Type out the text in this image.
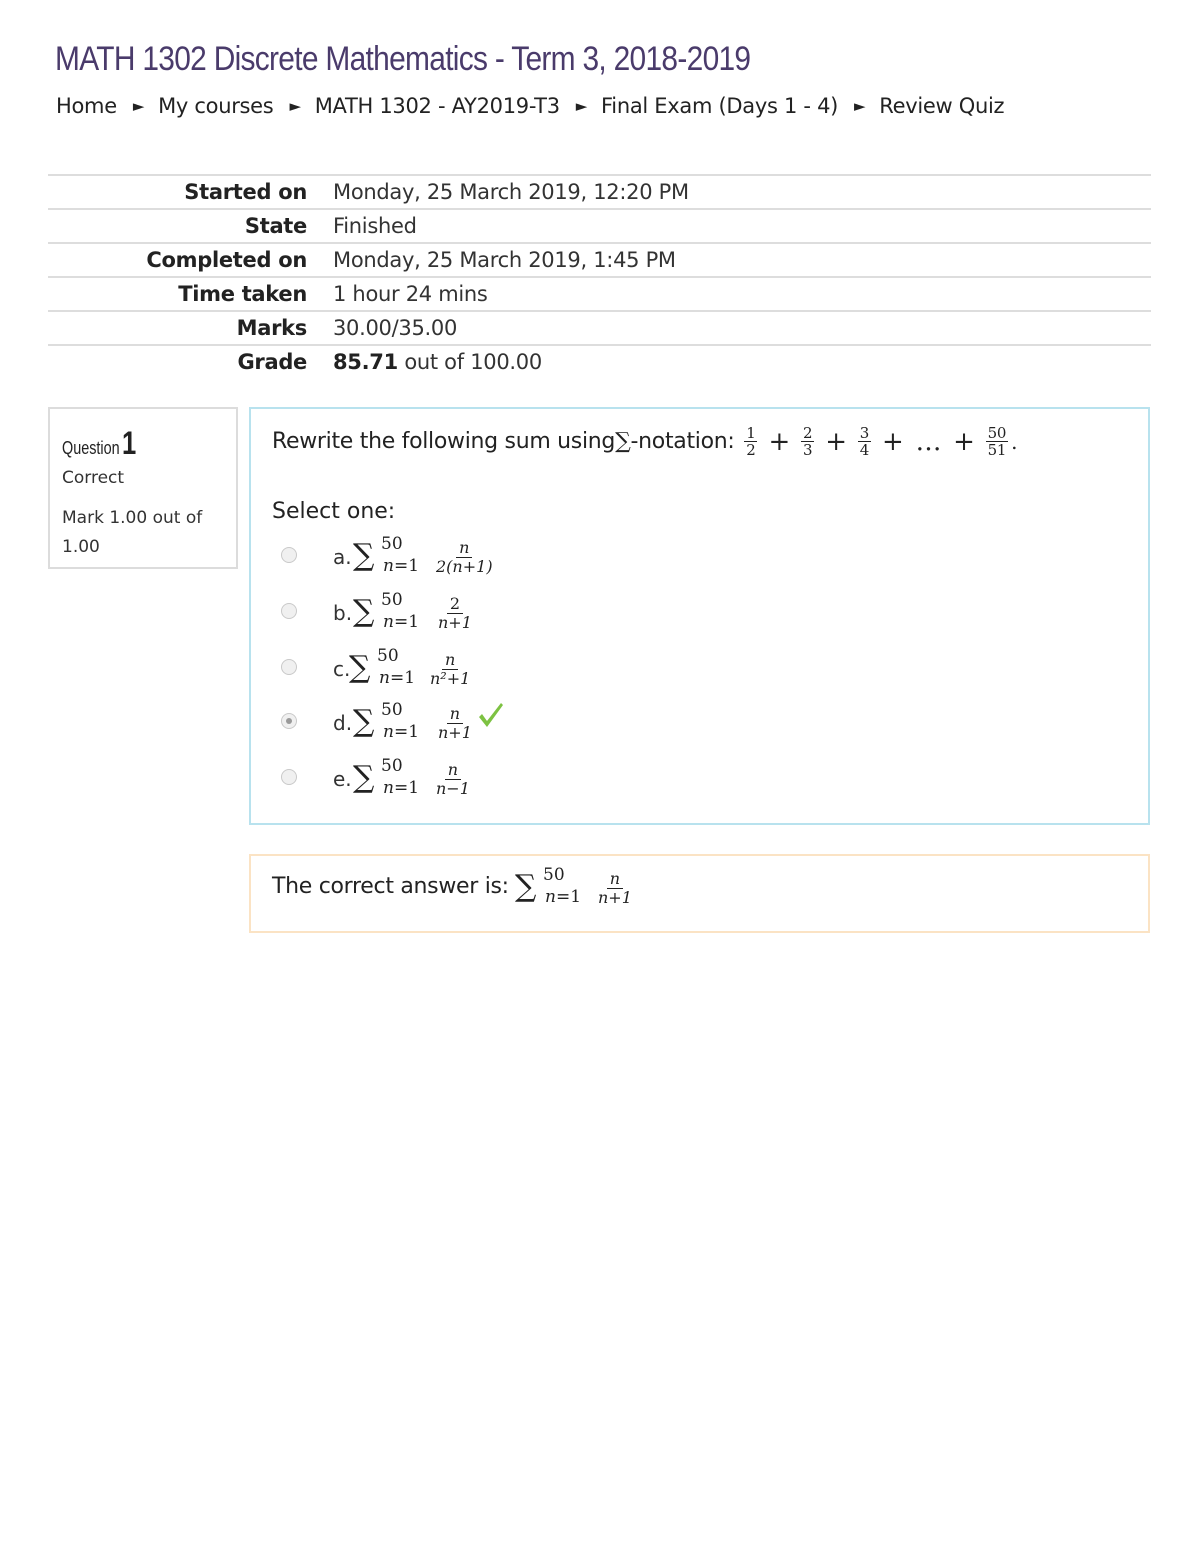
MATH 1302 Discrete Mathematics - Term 3, 2018-2019
Home ► My courses ► MATH 1302 - AY2019-T3 ► Final Exam (Days 1 - 4) ► Review Quiz
Started on	Monday, 25 March 2019, 12:20 PM
State	Finished
Completed on	Monday, 25 March 2019, 1:45 PM
Time taken	1 hour 24 mins
Marks	30.00/35.00
Grade	85.71 out of 100.00
Question1
Correct
Mark 1.00 out of 1.00
Rewrite the following sum using ∑ -notation: $\frac{1}{2} + \frac{2}{3} + \frac{3}{4}$ + … + $\frac{50}{51}$ .
Select one:
a. ∑ 50
$n=1 \frac{n}{2(n+1)}$
b. ∑ 50
$n=1 \frac{2}{n+1}$
c.
∑ 50
$n=1 \frac{n}{\text{n²+1}}$
d. ∑ 50
$n=1 \frac{n}{n+1}$
e. ∑ 50
$n=1 \frac{n}{n-1}$
The correct answer is: ∑ 50
$n=1 \frac{n}{n+1}$
